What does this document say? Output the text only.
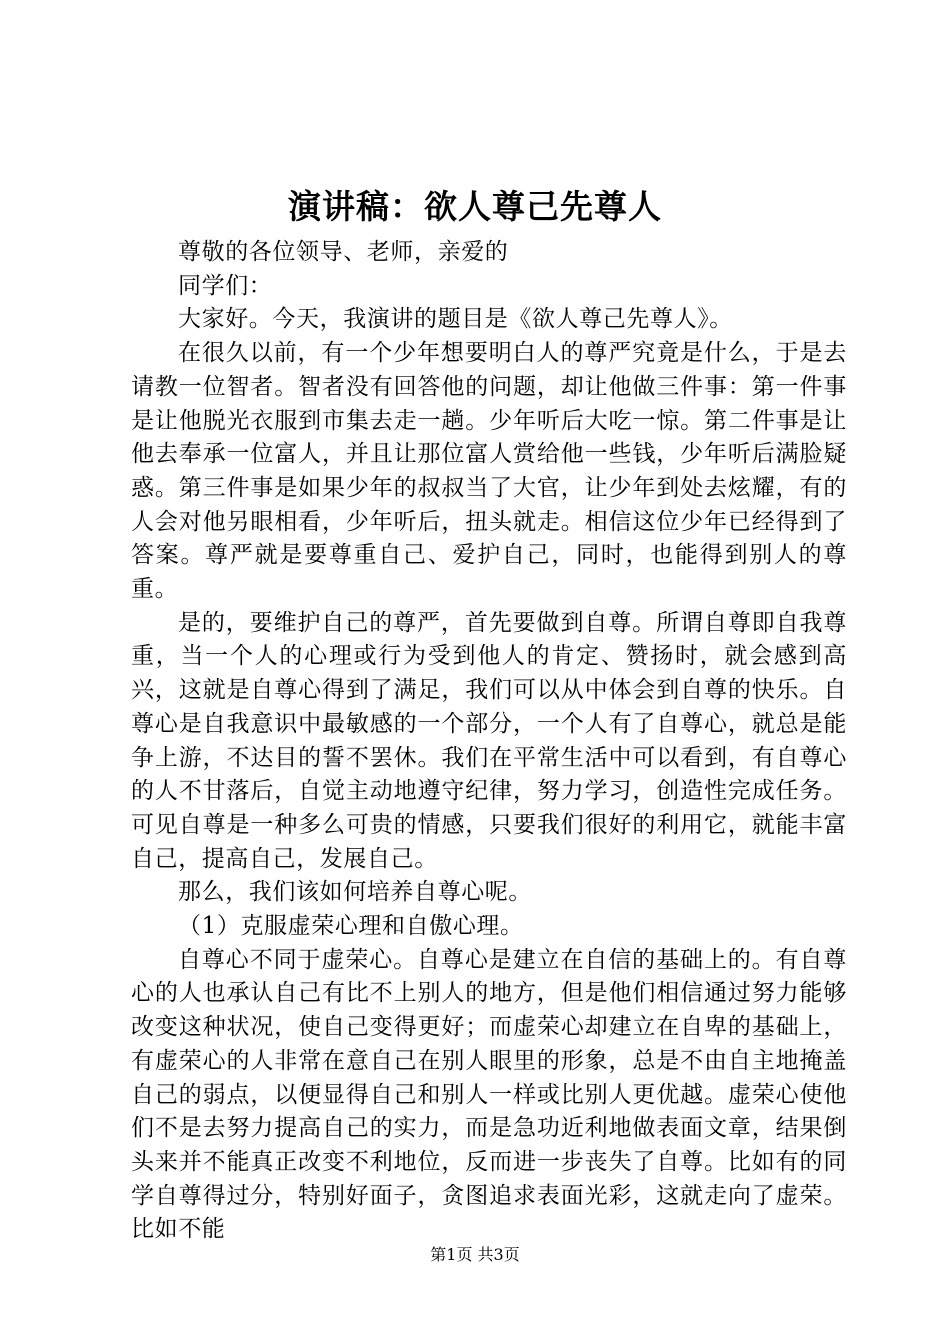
演讲稿：欲人尊己先尊人

尊敬的各位领导、老师，亲爱的

同学们：

大家好。今天，我演讲的题目是《欲人尊己先尊人》。

在很久以前，有一个少年想要明白人的尊严究竟是什么，于是去请教一位智者。智者没有回答他的问题，却让他做三件事：第一件事是让他脱光衣服到市集去走一趟。少年听后大吃一惊。第二件事是让他去奉承一位富人，并且让那位富人赏给他一些钱，少年听后满脸疑惑。第三件事是如果少年的叔叔当了大官，让少年到处去炫耀，有的人会对他另眼相看，少年听后，扭头就走。相信这位少年已经得到了答案。尊严就是要尊重自己、爱护自己，同时，也能得到别人的尊重。

是的，要维护自己的尊严，首先要做到自尊。所谓自尊即自我尊重，当一个人的心理或行为受到他人的肯定、赞扬时，就会感到高兴，这就是自尊心得到了满足，我们可以从中体会到自尊的快乐。自尊心是自我意识中最敏感的一个部分，一个人有了自尊心，就总是能争上游，不达目的誓不罢休。我们在平常生活中可以看到，有自尊心的人不甘落后，自觉主动地遵守纪律，努力学习，创造性完成任务。可见自尊是一种多么可贵的情感，只要我们很好的利用它，就能丰富自己，提高自己，发展自己。

那么，我们该如何培养自尊心呢。

（1）克服虚荣心理和自傲心理。

自尊心不同于虚荣心。自尊心是建立在自信的基础上的。有自尊心的人也承认自己有比不上别人的地方，但是他们相信通过努力能够改变这种状况，使自己变得更好；而虚荣心却建立在自卑的基础上，有虚荣心的人非常在意自己在别人眼里的形象，总是不由自主地掩盖自己的弱点，以便显得自己和别人一样或比别人更优越。虚荣心使他们不是去努力提高自己的实力，而是急功近利地做表面文章，结果倒头来并不能真正改变不利地位，反而进一步丧失了自尊。比如有的同学自尊得过分，特别好面子，贪图追求表面光彩，这就走向了虚荣。比如不能

第1页 共3页
